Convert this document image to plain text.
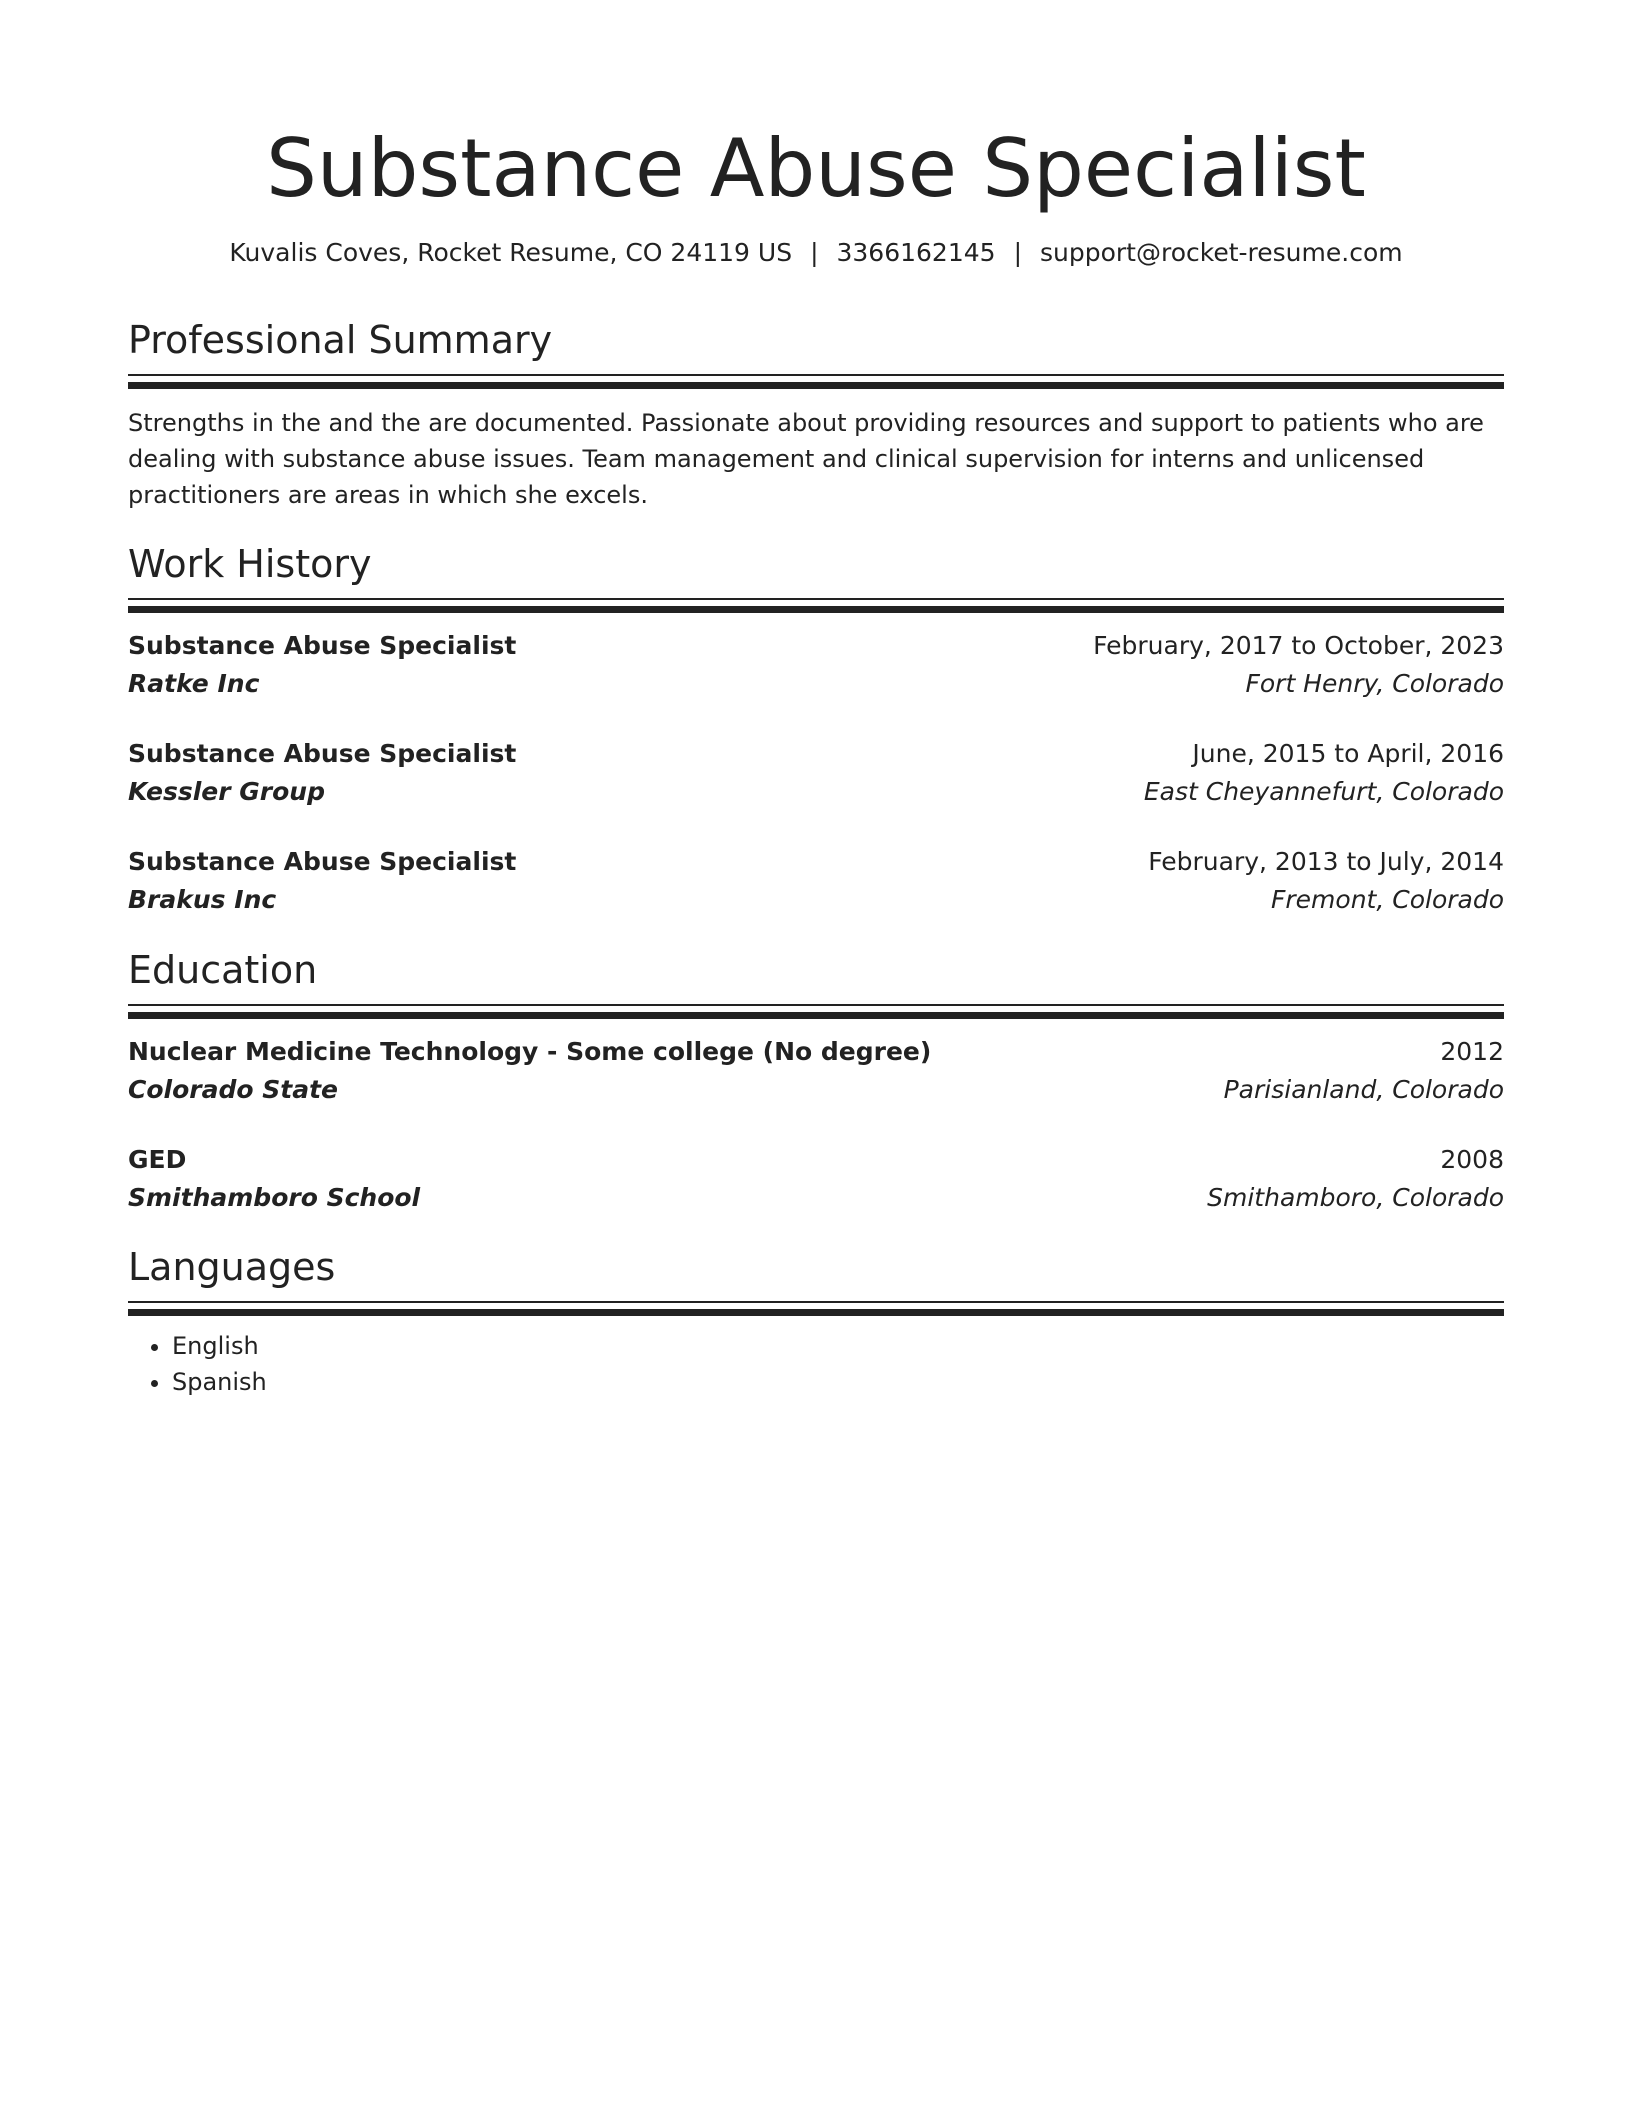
Substance Abuse Specialist
Kuvalis Coves, Rocket Resume, CO 24119 US | 3366162145 | support@rocket-resume.com
Professional Summary

Strengths in the and the are documented. Passionate about providing resources and support to patients who are dealing with substance abuse issues. Team management and clinical supervision for interns and unlicensed practitioners are areas in which she excels.

Work History
Substance Abuse Specialist	February, 2017 to October, 2023
Ratke Inc	Fort Henry, Colorado
Substance Abuse Specialist	June, 2015 to April, 2016
Kessler Group	East Cheyannefurt, Colorado
Substance Abuse Specialist	February, 2013 to July, 2014
Brakus Inc	Fremont, Colorado
Education
Nuclear Medicine Technology - Some college (No degree)	2012
Colorado State	Parisianland, Colorado
GED	2008
Smithamboro School	Smithamboro, Colorado
Languages
• English
• Spanish
